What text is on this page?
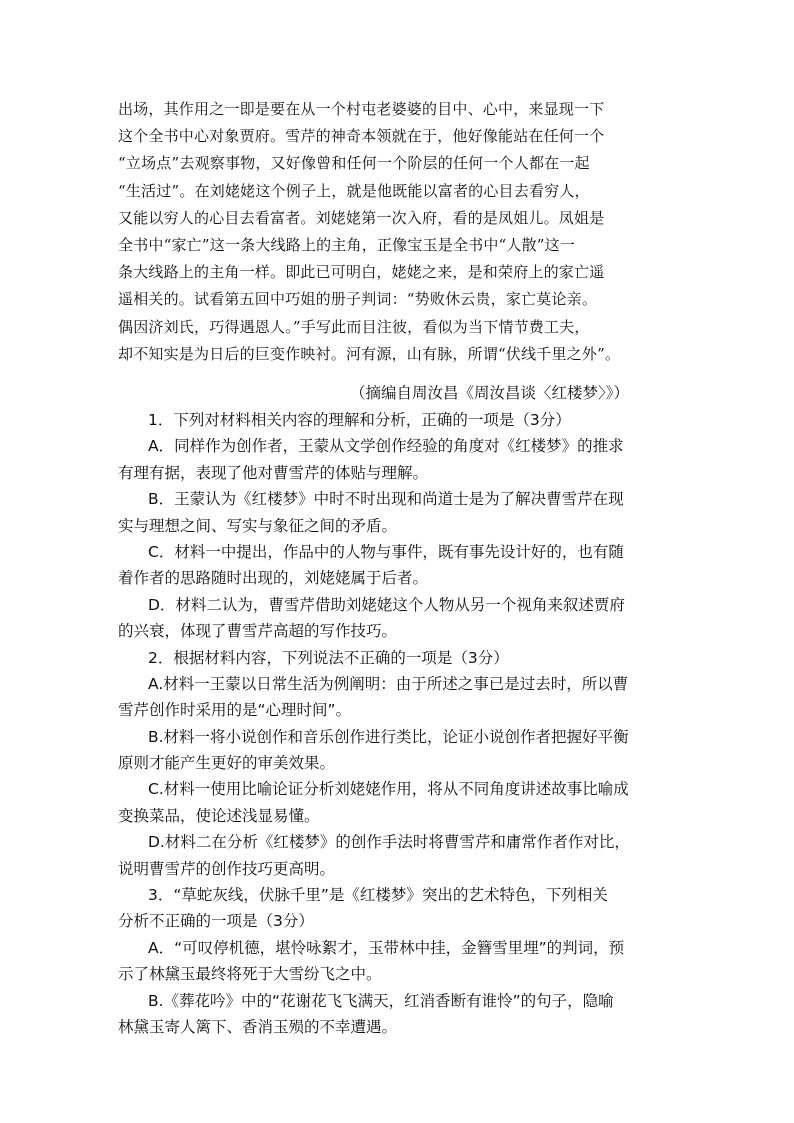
出场，其作用之一即是要在从一个村屯老婆婆的目中、心中，来显现一下
这个全书中心对象贾府。雪芹的神奇本领就在于，他好像能站在任何一个
“立场点”去观察事物，又好像曾和任何一个阶层的任何一个人都在一起
“生活过”。在刘姥姥这个例子上，就是他既能以富者的心目去看穷人，
又能以穷人的心目去看富者。刘姥姥第一次入府，看的是凤姐儿。凤姐是
全书中“家亡”这一条大线路上的主角，正像宝玉是全书中“人散”这一
条大线路上的主角一样。即此已可明白，姥姥之来，是和荣府上的家亡遥
遥相关的。试看第五回中巧姐的册子判词：“势败休云贵，家亡莫论亲。
偶因济刘氏，巧得遇恩人。”手写此而目注彼，看似为当下情节费工夫，
却不知实是为日后的巨变作映衬。河有源，山有脉，所谓“伏线千里之外”。
（摘编自周汝昌《周汝昌谈〈红楼梦〉》）
1．下列对材料相关内容的理解和分析，正确的一项是（3分）
A．同样作为创作者，王蒙从文学创作经验的角度对《红楼梦》的推求
有理有据，表现了他对曹雪芹的体贴与理解。
B．王蒙认为《红楼梦》中时不时出现和尚道士是为了解决曹雪芹在现
实与理想之间、写实与象征之间的矛盾。
C．材料一中提出，作品中的人物与事件，既有事先设计好的，也有随
着作者的思路随时出现的，刘姥姥属于后者。
D．材料二认为，曹雪芹借助刘姥姥这个人物从另一个视角来叙述贾府
的兴衰，体现了曹雪芹高超的写作技巧。
2．根据材料内容，下列说法不正确的一项是（3分）
A.材料一王蒙以日常生活为例阐明：由于所述之事已是过去时，所以曹
雪芹创作时采用的是“心理时间”。
B.材料一将小说创作和音乐创作进行类比，论证小说创作者把握好平衡
原则才能产生更好的审美效果。
C.材料一使用比喻论证分析刘姥姥作用，将从不同角度讲述故事比喻成
变换菜品，使论述浅显易懂。
D.材料二在分析《红楼梦》的创作手法时将曹雪芹和庸常作者作对比，
说明曹雪芹的创作技巧更高明。
3．“草蛇灰线，伏脉千里”是《红楼梦》突出的艺术特色，下列相关
分析不正确的一项是（3分）
A．“可叹停机德，堪怜咏絮才，玉带林中挂，金簪雪里埋”的判词，预
示了林黛玉最终将死于大雪纷飞之中。
B.《葬花吟》中的“花谢花飞飞满天，红消香断有谁怜”的句子，隐喻
林黛玉寄人篱下、香消玉殒的不幸遭遇。
